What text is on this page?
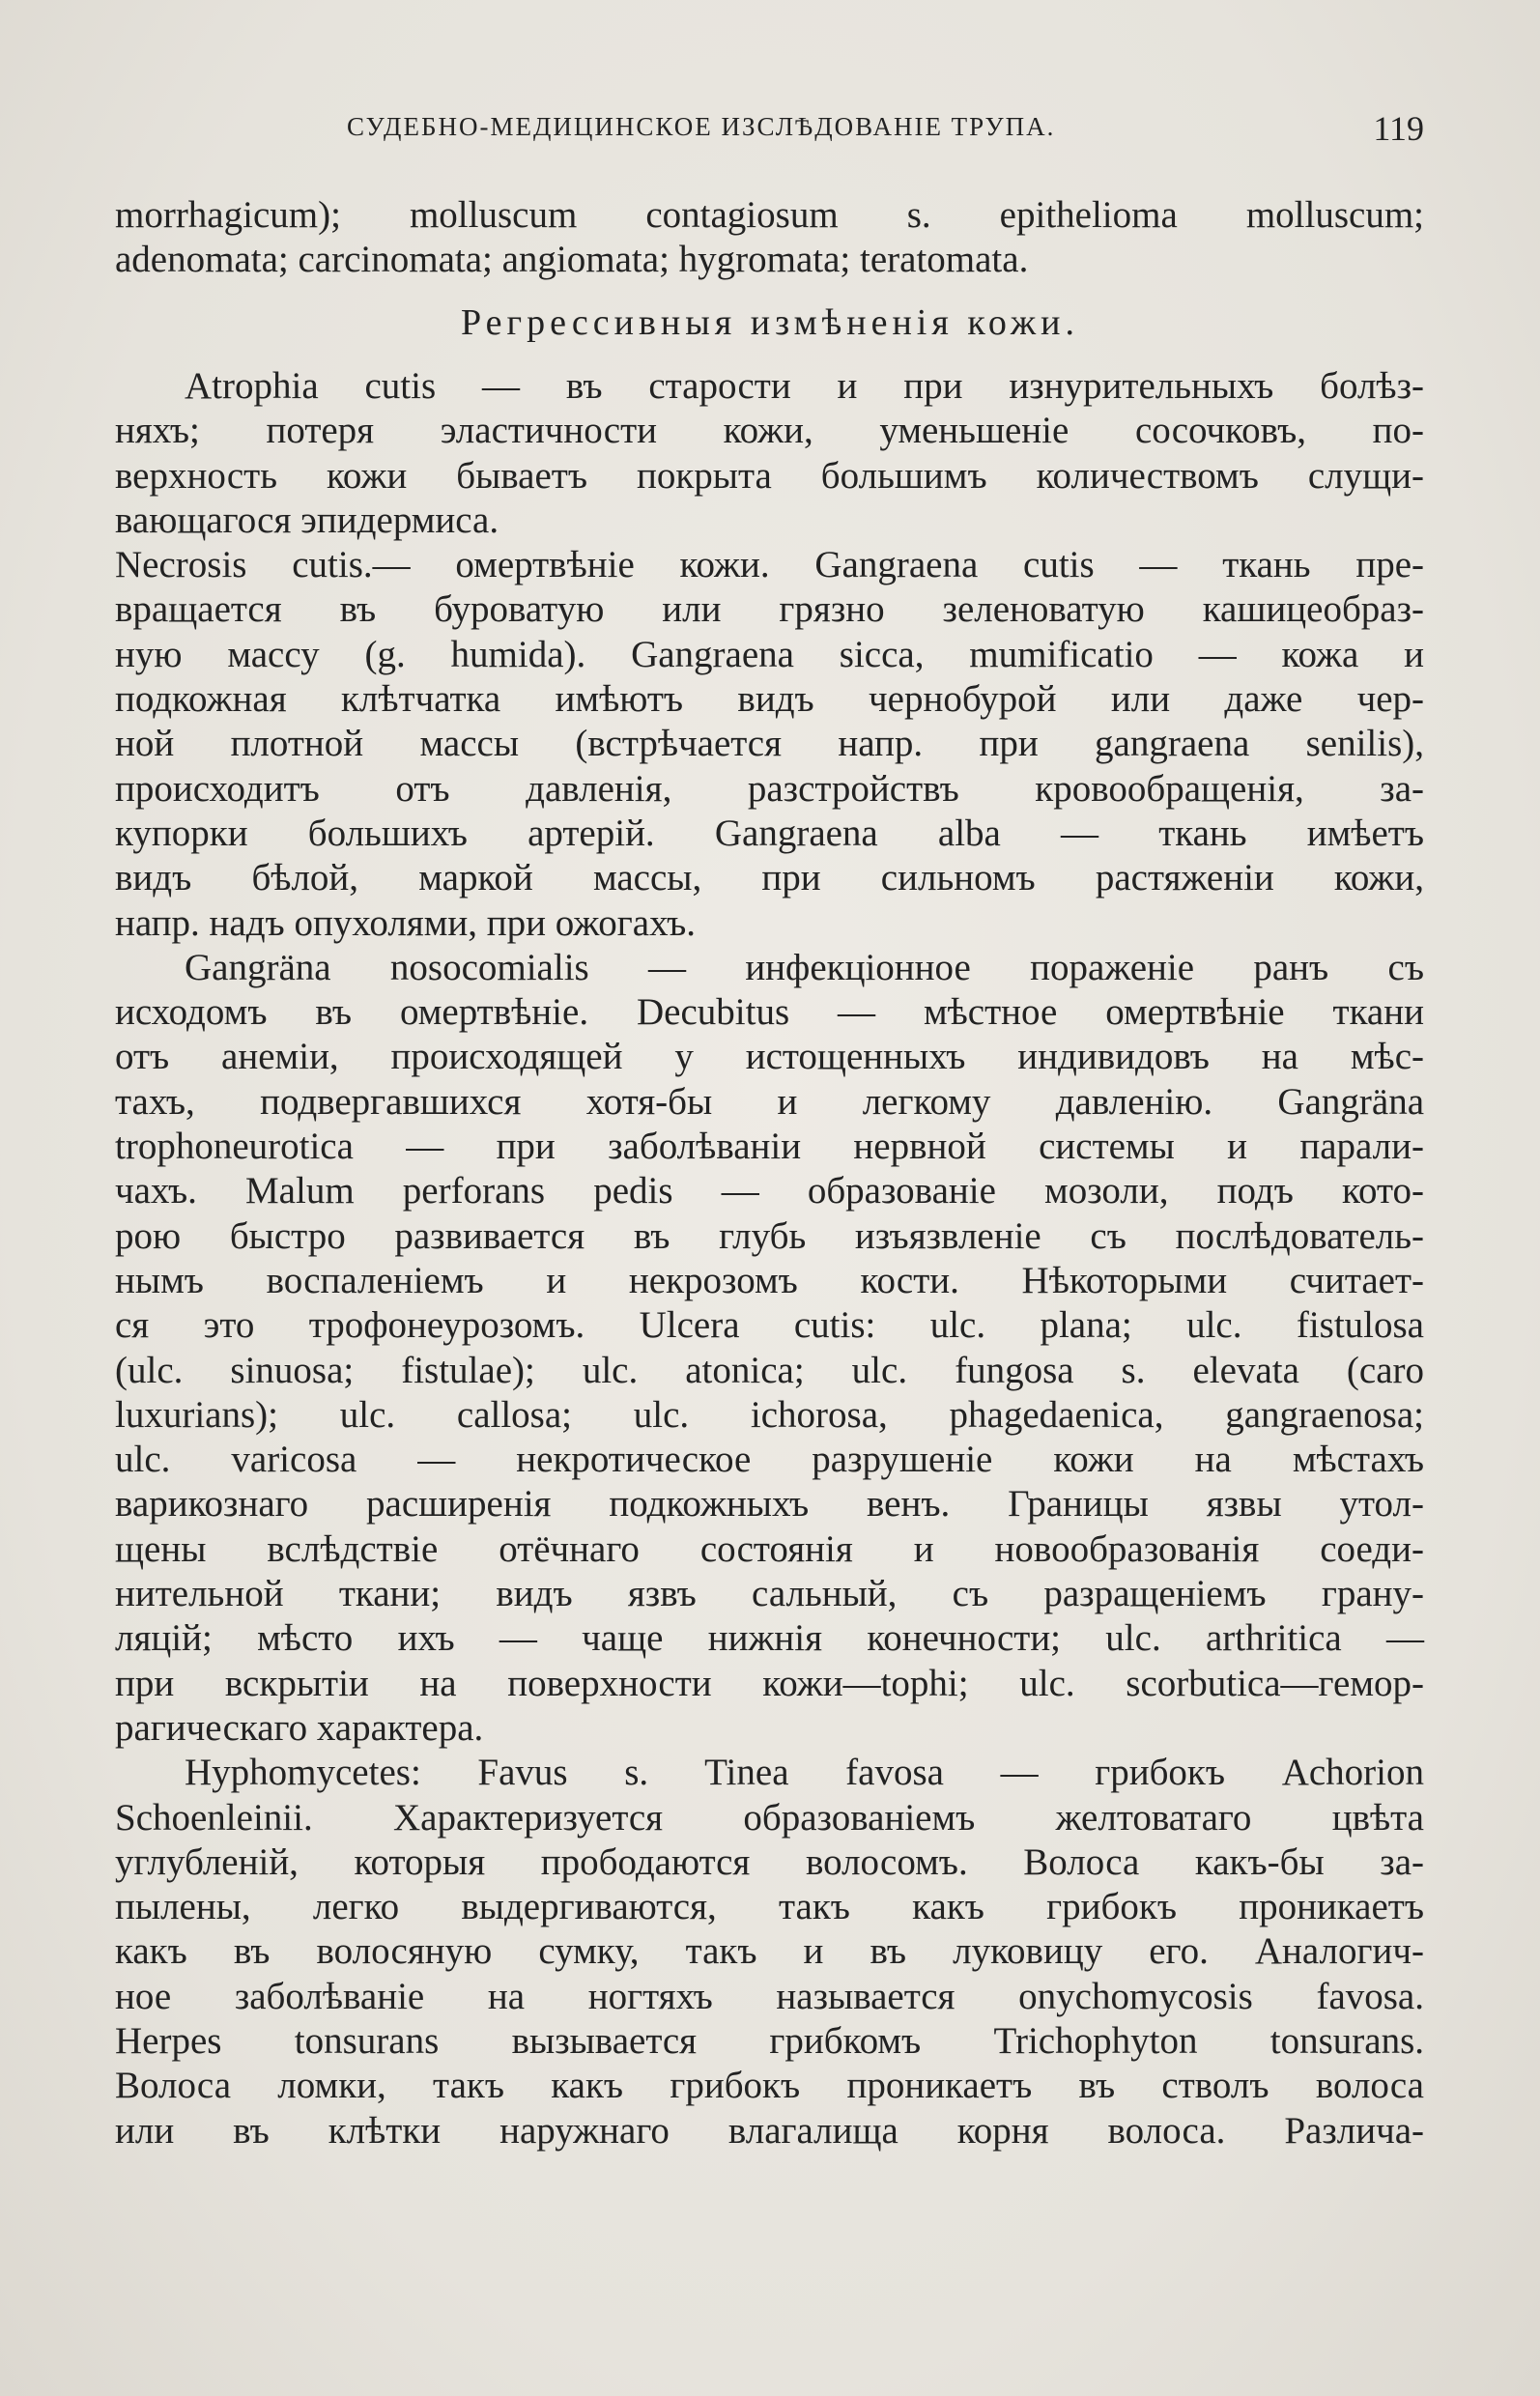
СУДЕБНО-МЕДИЦИНСКОЕ ИЗСЛѢДОВАНІЕ ТРУПА.	119
morrhagicum); molluscum contagiosum s. epithelioma molluscum;
adenomata; carcinomata; angiomata; hygromata; teratomata.
Регрессивныя измѣненія кожи.
Atrophia cutis — въ старости и при изнурительныхъ болѣз-
няхъ; потеря эластичности кожи, уменьшеніе сосочковъ, по-
верхность кожи бываетъ покрыта большимъ количествомъ слущи-
вающагося эпидермиса.
Necrosis cutis.— омертвѣніе кожи. Gangraena cutis — ткань пре-
вращается въ буроватую или грязно зеленоватую кашицеобраз-
ную массу (g. humida). Gangraena sicca, mumificatio — кожа и
подкожная клѣтчатка имѣютъ видъ чернобурой или даже чер-
ной плотной массы (встрѣчается напр. при gangraena senilis),
происходитъ отъ давленія, разстройствъ кровообращенія, за-
купорки большихъ артерій. Gangraena alba — ткань имѣетъ
видъ бѣлой, маркой массы, при сильномъ растяженіи кожи,
напр. надъ опухолями, при ожогахъ.
Gangräna nosocomialis — инфекціонное пораженіе ранъ съ
исходомъ въ омертвѣніе. Decubitus — мѣстное омертвѣніе ткани
отъ анеміи, происходящей у истощенныхъ индивидовъ на мѣс-
тахъ, подвергавшихся хотя-бы и легкому давленію. Gangräna
trophoneurotica — при заболѣваніи нервной системы и парали-
чахъ. Malum perforans pedis — образованіе мозоли, подъ кото-
рою быстро развивается въ глубь изъязвленіе съ послѣдователь-
нымъ воспаленіемъ и некрозомъ кости. Нѣкоторыми считает-
ся это трофонеурозомъ. Ulcera cutis: ulc. plana; ulc. fistulosa
(ulc. sinuosa; fistulae); ulc. atonica; ulc. fungosa s. elevata (caro
luxurians); ulc. callosa; ulc. ichorosa, phagedaenica, gangraenosa;
ulc. varicosa — некротическое разрушеніе кожи на мѣстахъ
варикознаго расширенія подкожныхъ венъ. Границы язвы утол-
щены вслѣдствіе отёчнаго состоянія и новообразованія соеди-
нительной ткани; видъ язвъ сальный, съ разращеніемъ грану-
ляцій; мѣсто ихъ — чаще нижнія конечности; ulc. arthritica —
при вскрытіи на поверхности кожи—tophi; ulc. scorbutica—гемор-
рагическаго характера.
Hyphomycetes: Favus s. Tinea favosa — грибокъ Achorion
Schoenleinii. Характеризуется образованіемъ желтоватаго цвѣта
углубленій, которыя прободаются волосомъ. Волоса какъ-бы за-
пылены, легко выдергиваются, такъ какъ грибокъ проникаетъ
какъ въ волосяную сумку, такъ и въ луковицу его. Аналогич-
ное заболѣваніе на ногтяхъ называется onychomycosis favosa.
Herpes tonsurans вызывается грибкомъ Trichophyton tonsurans.
Волоса ломки, такъ какъ грибокъ проникаетъ въ стволъ волоса
или въ клѣтки наружнаго влагалища корня волоса. Различа-
